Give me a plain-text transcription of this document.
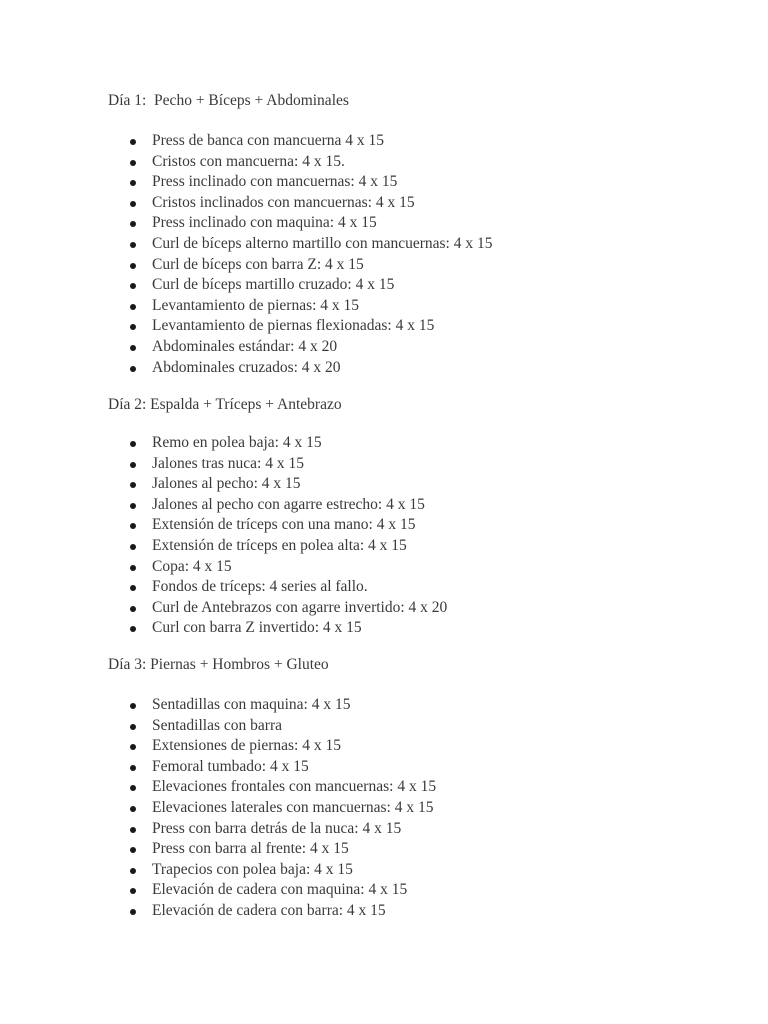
Día 1:  Pecho + Bíceps + Abdominales
Press de banca con mancuerna 4 x 15
Cristos con mancuerna: 4 x 15.
Press inclinado con mancuernas: 4 x 15
Cristos inclinados con mancuernas: 4 x 15
Press inclinado con maquina: 4 x 15
Curl de bíceps alterno martillo con mancuernas: 4 x 15
Curl de bíceps con barra Z: 4 x 15
Curl de bíceps martillo cruzado: 4 x 15
Levantamiento de piernas: 4 x 15
Levantamiento de piernas flexionadas: 4 x 15
Abdominales estándar: 4 x 20
Abdominales cruzados: 4 x 20
Día 2: Espalda + Tríceps + Antebrazo
Remo en polea baja: 4 x 15
Jalones tras nuca: 4 x 15
Jalones al pecho: 4 x 15
Jalones al pecho con agarre estrecho: 4 x 15
Extensión de tríceps con una mano: 4 x 15
Extensión de tríceps en polea alta: 4 x 15
Copa: 4 x 15
Fondos de tríceps: 4 series al fallo.
Curl de Antebrazos con agarre invertido: 4 x 20
Curl con barra Z invertido: 4 x 15
Día 3: Piernas + Hombros + Gluteo
Sentadillas con maquina: 4 x 15
Sentadillas con barra
Extensiones de piernas: 4 x 15
Femoral tumbado: 4 x 15
Elevaciones frontales con mancuernas: 4 x 15
Elevaciones laterales con mancuernas: 4 x 15
Press con barra detrás de la nuca: 4 x 15
Press con barra al frente: 4 x 15
Trapecios con polea baja: 4 x 15
Elevación de cadera con maquina: 4 x 15
Elevación de cadera con barra: 4 x 15
